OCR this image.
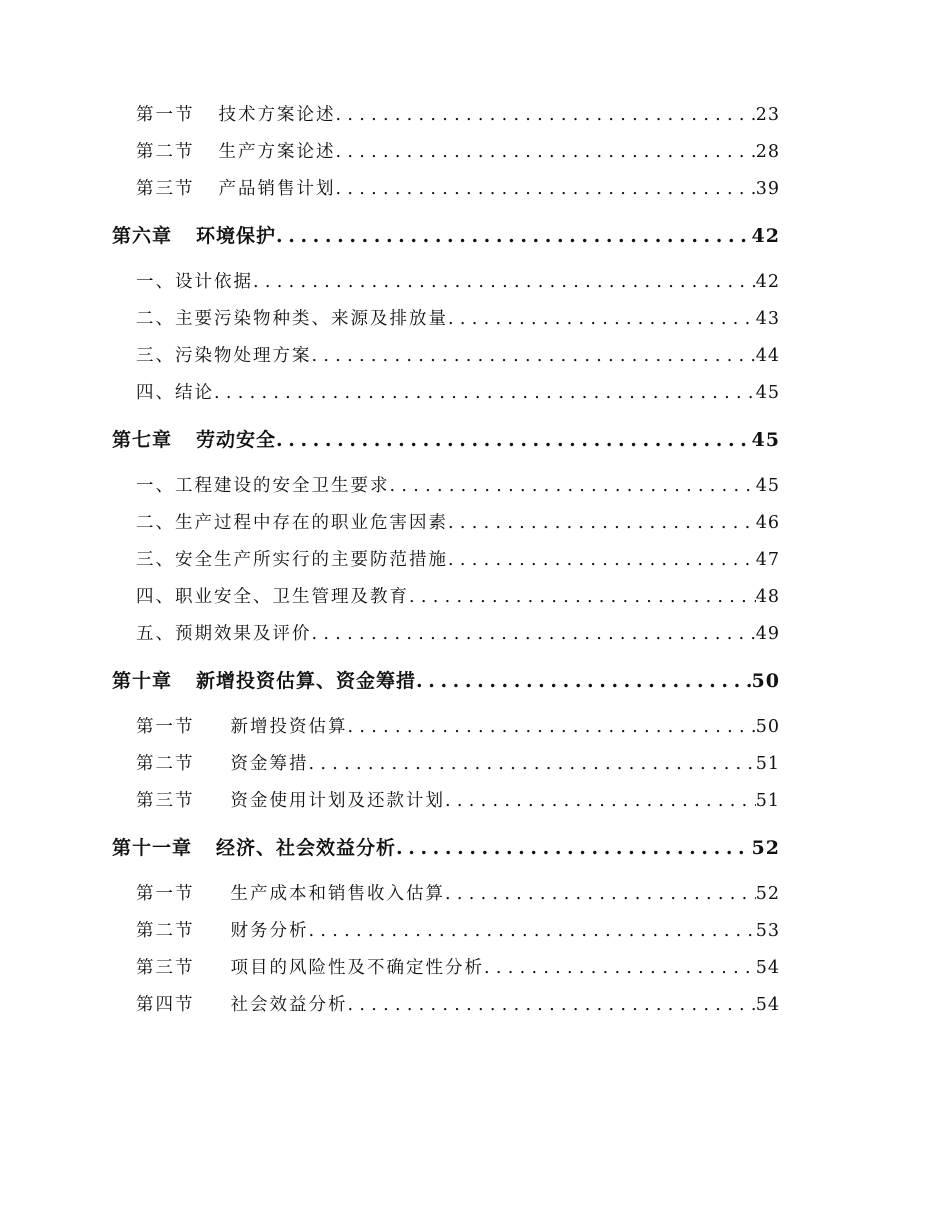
第一节 技术方案论述 .....	23
第二节 生产方案论述 .....	28
第三节 产品销售计划 .....	39
第六章 环境保护 .....	42
一、设计依据 .....	42
二、主要污染物种类、来源及排放量 .....	43
三、污染物处理方案 .....	44
四、结论 .....	45
第七章 劳动安全 .....	45
一、工程建设的安全卫生要求 .....	45
二、生产过程中存在的职业危害因素 .....	46
三、安全生产所实行的主要防范措施 .....	47
四、职业安全、卫生管理及教育 .....	48
五、预期效果及评价 .....	49
第十章 新增投资估算、资金筹措 .....	50
第一节 新增投资估算 .....	50
第二节 资金筹措 .....	51
第三节 资金使用计划及还款计划 .....	51
第十一章 经济、社会效益分析 .....	52
第一节 生产成本和销售收入估算 .....	52
第二节 财务分析 .....	53
第三节 项目的风险性及不确定性分析 .....	54
第四节 社会效益分析 .....	54
